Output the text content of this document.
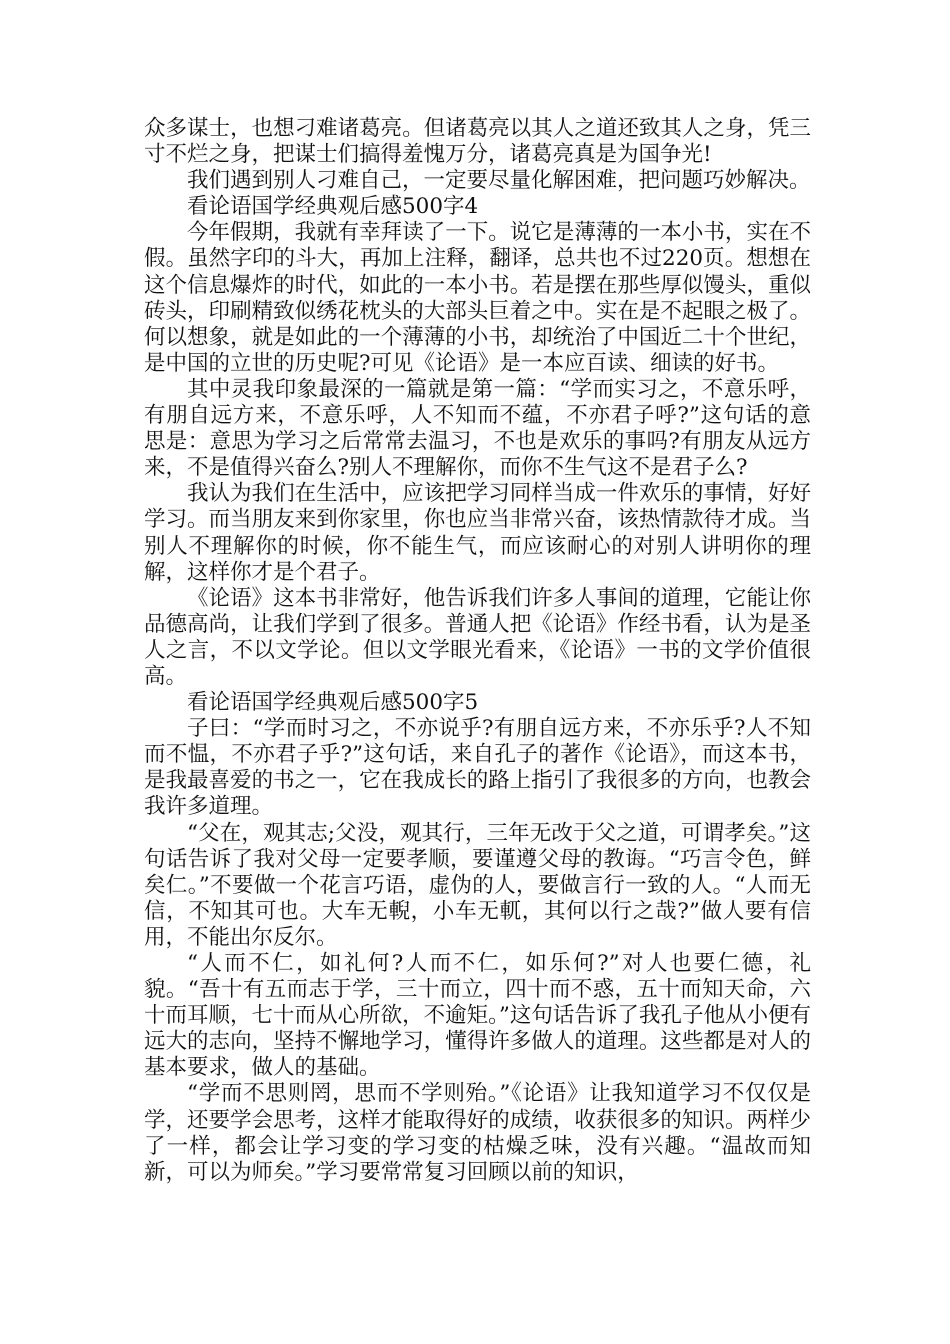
众多谋士，也想刁难诸葛亮。但诸葛亮以其人之道还致其人之身，凭三寸不烂之身，把谋士们搞得羞愧万分，诸葛亮真是为国争光!

我们遇到别人刁难自己，一定要尽量化解困难，把问题巧妙解决。

看论语国学经典观后感500字4

今年假期，我就有幸拜读了一下。说它是薄薄的一本小书，实在不假。虽然字印的斗大，再加上注释，翻译，总共也不过220页。想想在这个信息爆炸的时代，如此的一本小书。若是摆在那些厚似馒头，重似砖头，印刷精致似绣花枕头的大部头巨着之中。实在是不起眼之极了。何以想象，就是如此的一个薄薄的小书，却统治了中国近二十个世纪，是中国的立世的历史呢?可见《论语》是一本应百读、细读的好书。

其中灵我印象最深的一篇就是第一篇：“学而实习之，不意乐呼，有朋自远方来，不意乐呼，人不知而不蕴，不亦君子呼?”这句话的意思是：意思为学习之后常常去温习，不也是欢乐的事吗?有朋友从远方来，不是值得兴奋么?别人不理解你，而你不生气这不是君子么?

我认为我们在生活中，应该把学习同样当成一件欢乐的事情，好好学习。而当朋友来到你家里，你也应当非常兴奋，该热情款待才成。当别人不理解你的时候，你不能生气，而应该耐心的对别人讲明你的理解，这样你才是个君子。

《论语》这本书非常好，他告诉我们许多人事间的道理，它能让你品德高尚，让我们学到了很多。普通人把《论语》作经书看，认为是圣人之言，不以文学论。但以文学眼光看来，《论语》一书的文学价值很高。

看论语国学经典观后感500字5

子曰：“学而时习之，不亦说乎?有朋自远方来，不亦乐乎?人不知而不愠，不亦君子乎?”这句话，来自孔子的著作《论语》，而这本书，是我最喜爱的书之一，它在我成长的路上指引了我很多的方向，也教会我许多道理。

“父在，观其志;父没，观其行，三年无改于父之道，可谓孝矣。”这句话告诉了我对父母一定要孝顺，要谨遵父母的教诲。“巧言令色，鲜矣仁。”不要做一个花言巧语，虚伪的人，要做言行一致的人。“人而无信，不知其可也。大车无輗，小车无軏，其何以行之哉?”做人要有信用，不能出尔反尔。

“人而不仁，如礼何?人而不仁，如乐何?”对人也要仁德，礼貌。“吾十有五而志于学，三十而立，四十而不惑，五十而知天命，六十而耳顺，七十而从心所欲，不逾矩。”这句话告诉了我孔子他从小便有远大的志向，坚持不懈地学习，懂得许多做人的道理。这些都是对人的基本要求，做人的基础。

“学而不思则罔，思而不学则殆。”《论语》让我知道学习不仅仅是学，还要学会思考，这样才能取得好的成绩，收获很多的知识。两样少了一样，都会让学习变的学习变的枯燥乏味，没有兴趣。“温故而知新，可以为师矣。”学习要常常复习回顾以前的知识，
